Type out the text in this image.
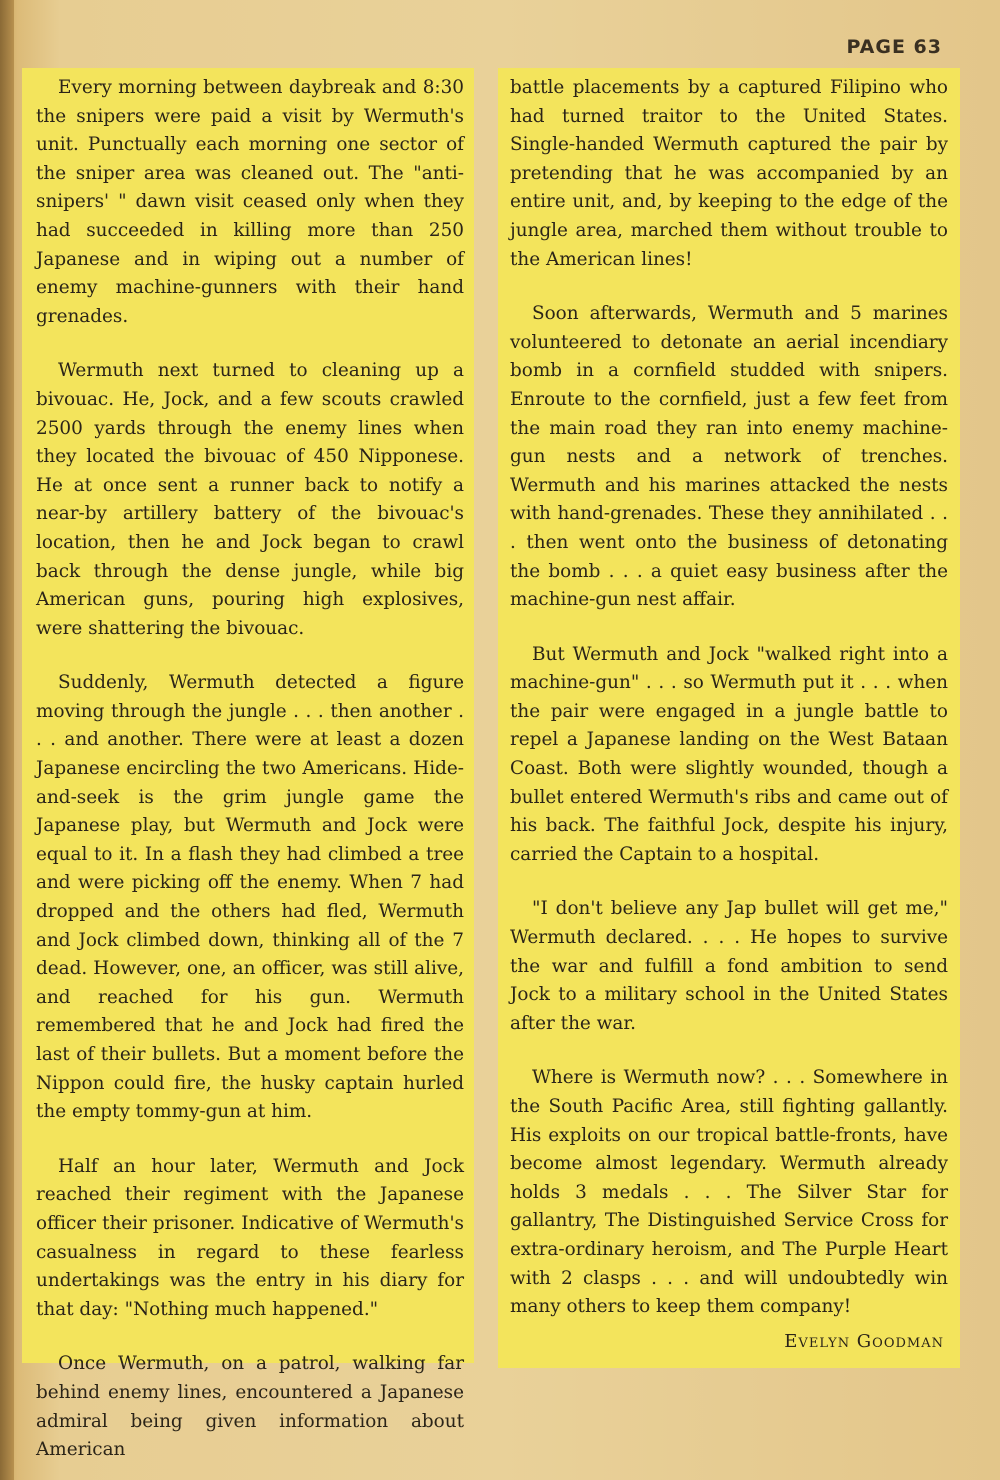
PAGE 63

Every morning between daybreak and 8:30 the snipers were paid a visit by Wermuth's unit. Punctually each morning one sector of the sniper area was cleaned out. The "anti-snipers' " dawn visit ceased only when they had succeeded in killing more than 250 Japanese and in wiping out a number of enemy machine-gunners with their hand grenades.

Wermuth next turned to cleaning up a bivouac. He, Jock, and a few scouts crawled 2500 yards through the enemy lines when they located the bivouac of 450 Nipponese. He at once sent a runner back to notify a near-by artillery battery of the bivouac's location, then he and Jock began to crawl back through the dense jungle, while big American guns, pouring high explosives, were shattering the bivouac.

Suddenly, Wermuth detected a figure moving through the jungle . . . then another . . . and another. There were at least a dozen Japanese encircling the two Americans. Hide-and-seek is the grim jungle game the Japanese play, but Wermuth and Jock were equal to it. In a flash they had climbed a tree and were picking off the enemy. When 7 had dropped and the others had fled, Wermuth and Jock climbed down, thinking all of the 7 dead. However, one, an officer, was still alive, and reached for his gun. Wermuth remembered that he and Jock had fired the last of their bullets. But a moment before the Nippon could fire, the husky captain hurled the empty tommy-gun at him.

Half an hour later, Wermuth and Jock reached their regiment with the Japanese officer their prisoner. Indicative of Wermuth's casualness in regard to these fearless undertakings was the entry in his diary for that day: "Nothing much happened."

Once Wermuth, on a patrol, walking far behind enemy lines, encountered a Japanese admiral being given information about American

battle placements by a captured Filipino who had turned traitor to the United States. Single-handed Wermuth captured the pair by pretending that he was accompanied by an entire unit, and, by keeping to the edge of the jungle area, marched them without trouble to the American lines!

Soon afterwards, Wermuth and 5 marines volunteered to detonate an aerial incendiary bomb in a cornfield studded with snipers. Enroute to the cornfield, just a few feet from the main road they ran into enemy machine-gun nests and a network of trenches. Wermuth and his marines attacked the nests with hand-grenades. These they annihilated . . . then went onto the business of detonating the bomb . . . a quiet easy business after the machine-gun nest affair.

But Wermuth and Jock "walked right into a machine-gun" . . . so Wermuth put it . . . when the pair were engaged in a jungle battle to repel a Japanese landing on the West Bataan Coast. Both were slightly wounded, though a bullet entered Wermuth's ribs and came out of his back. The faithful Jock, despite his injury, carried the Captain to a hospital.

"I don't believe any Jap bullet will get me," Wermuth declared. . . . He hopes to survive the war and fulfill a fond ambition to send Jock to a military school in the United States after the war.

Where is Wermuth now? . . . Somewhere in the South Pacific Area, still fighting gallantly. His exploits on our tropical battle-fronts, have become almost legendary. Wermuth already holds 3 medals . . . The Silver Star for gallantry, The Distinguished Service Cross for extra-ordinary heroism, and The Purple Heart with 2 clasps . . . and will undoubtedly win many others to keep them company!

Evelyn Goodman
